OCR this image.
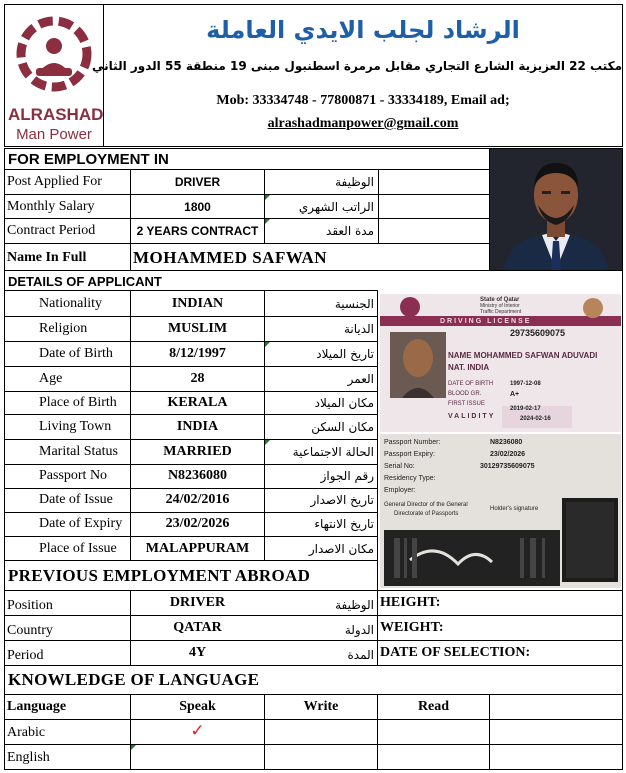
ALRASHAD
Man Power
الرشاد لجلب الايدي العاملة
مكتب 22 العزيزية الشارع التجاري مقابل مرمرة اسطنبول مبنى 19 منطقة 55 الدور الثاني
Mob: 33334748 - 77800871 - 33334189, Email ad;
alrashadmanpower@gmail.com
FOR EMPLOYMENT IN
Post Applied For	DRIVER	الوظيفة
Monthly Salary	1800	الراتب الشهري
Contract Period	2 YEARS CONTRACT	مدة العقد
Name In Full	MOHAMMED SAFWAN
DETAILS OF APPLICANT
Nationality	INDIAN	الجنسية
Religion	MUSLIM	الديانة
Date of Birth	8/12/1997	تاريخ الميلاد
Age	28	العمر
Place of Birth	KERALA	مكان الميلاد
Living Town	INDIA	مكان السكن
Marital Status	MARRIED	الحالة الاجتماعية
Passport No	N8236080	رقم الجواز
Date of Issue	24/02/2016	تاريخ الاصدار
Date of Expiry	23/02/2026	تاريخ الانتهاء
Place of Issue	MALAPPURAM	مكان الاصدار
State of Qatar
Ministry of Interior
Traffic Department
DRIVING LICENSE
29735609075
NAME MOHAMMED SAFWAN ADUVADI
NAT. INDIA
DATE OF BIRTH	1997-12-08
BLOOD GR.	A+
FIRST ISSUE
2019-02-17
VALIDITY	2024-02-16
Passport Number:	N8236080
Passport Expiry:	23/02/2026
Serial No:	30129735609075
Residency Type:
Employer:
General Director of the General
Directorate of Passports
Holder's signature
PREVIOUS EMPLOYMENT ABROAD
Position	DRIVER	الوظيفة HEIGHT:
Country	QATAR	الدولة WEIGHT:
Period	4Y	المدة DATE OF SELECTION:
KNOWLEDGE OF LANGUAGE
Language	Speak	Write	Read
Arabic	✓
English
